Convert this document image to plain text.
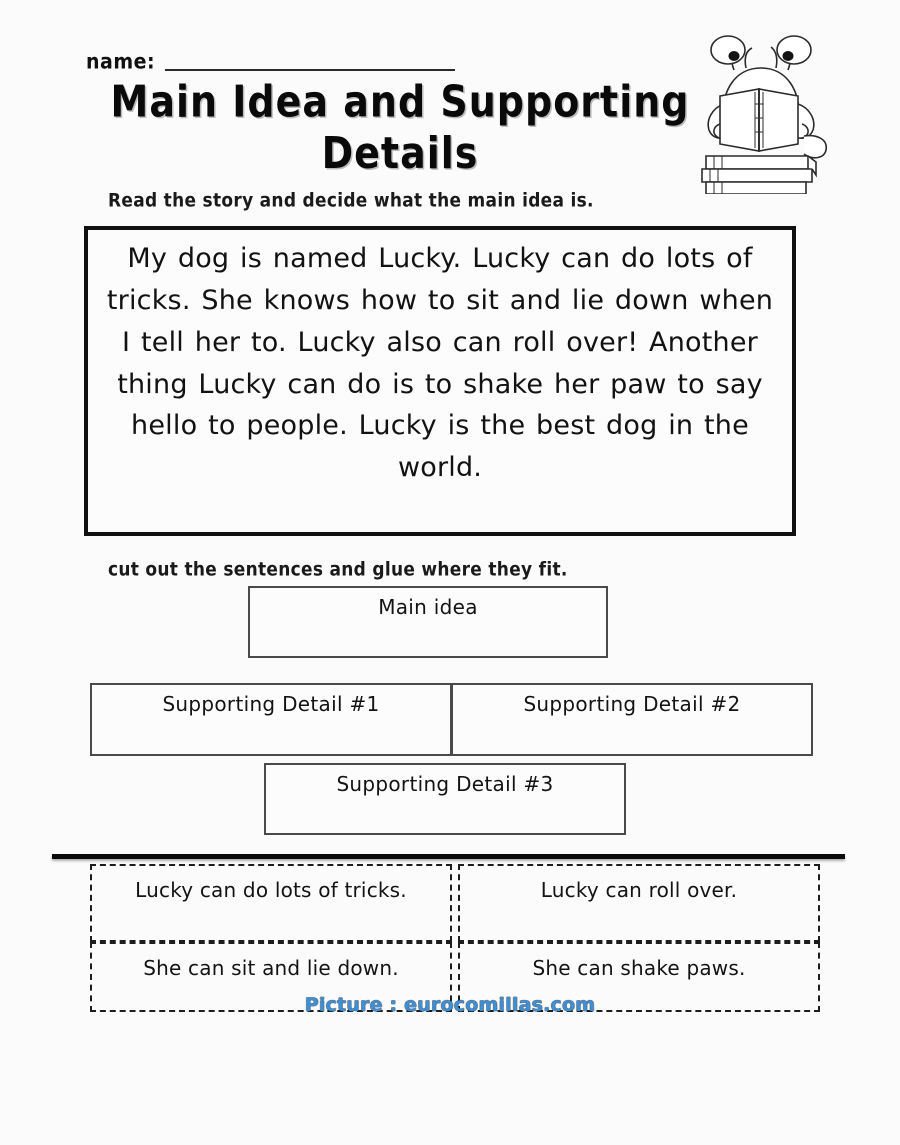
name:
Main Idea and Supporting Details
Read the story and decide what the main idea is.
My dog is named Lucky. Lucky can do lots of tricks. She knows how to sit and lie down when I tell her to. Lucky also can roll over! Another thing Lucky can do is to shake her paw to say hello to people. Lucky is the best dog in the world.
cut out the sentences and glue where they fit.
Main idea
Supporting Detail #1	Supporting Detail #2
Supporting Detail #3
Lucky can do lots of tricks.
She can sit and lie down.
Lucky can roll over.
She can shake paws.
Picture : eurocomillas.com
